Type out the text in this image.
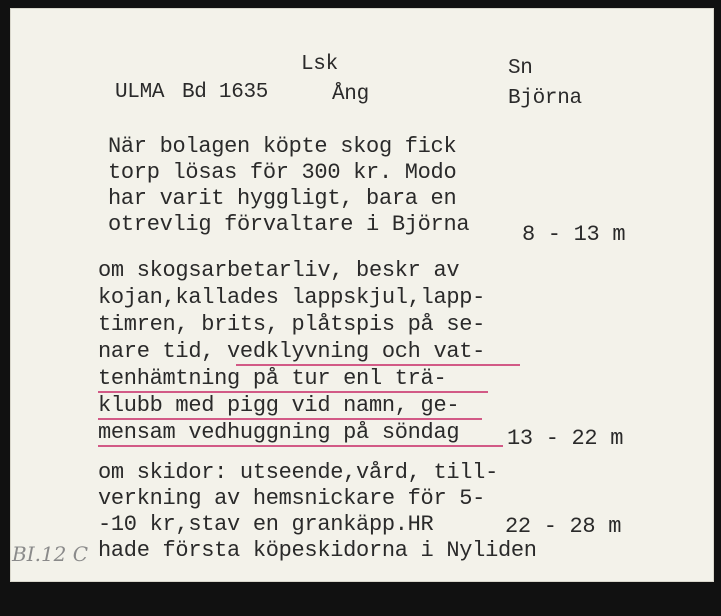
ULMA Bd 1635
Lsk
Ång
Sn
Björna

När bolagen köpte skog fick

torp lösas för 300 kr. Modo

har varit hyggligt, bara en

otrevlig förvaltare i Björna

8 - 13 m

om skogsarbetarliv, beskr av

kojan,kallades lappskjul,lapp-

timren, brits, plåtspis på se-

nare tid, vedklyvning och vat-

tenhämtning på tur enl trä-

klubb med pigg vid namn, ge-

mensam vedhuggning på söndag

13 - 22 m

om skidor: utseende,vård, till-

verkning av hemsnickare för 5-

-10 kr,stav en grankäpp.HR

hade första köpeskidorna i Nyliden

22 - 28 m
BI.12 C
